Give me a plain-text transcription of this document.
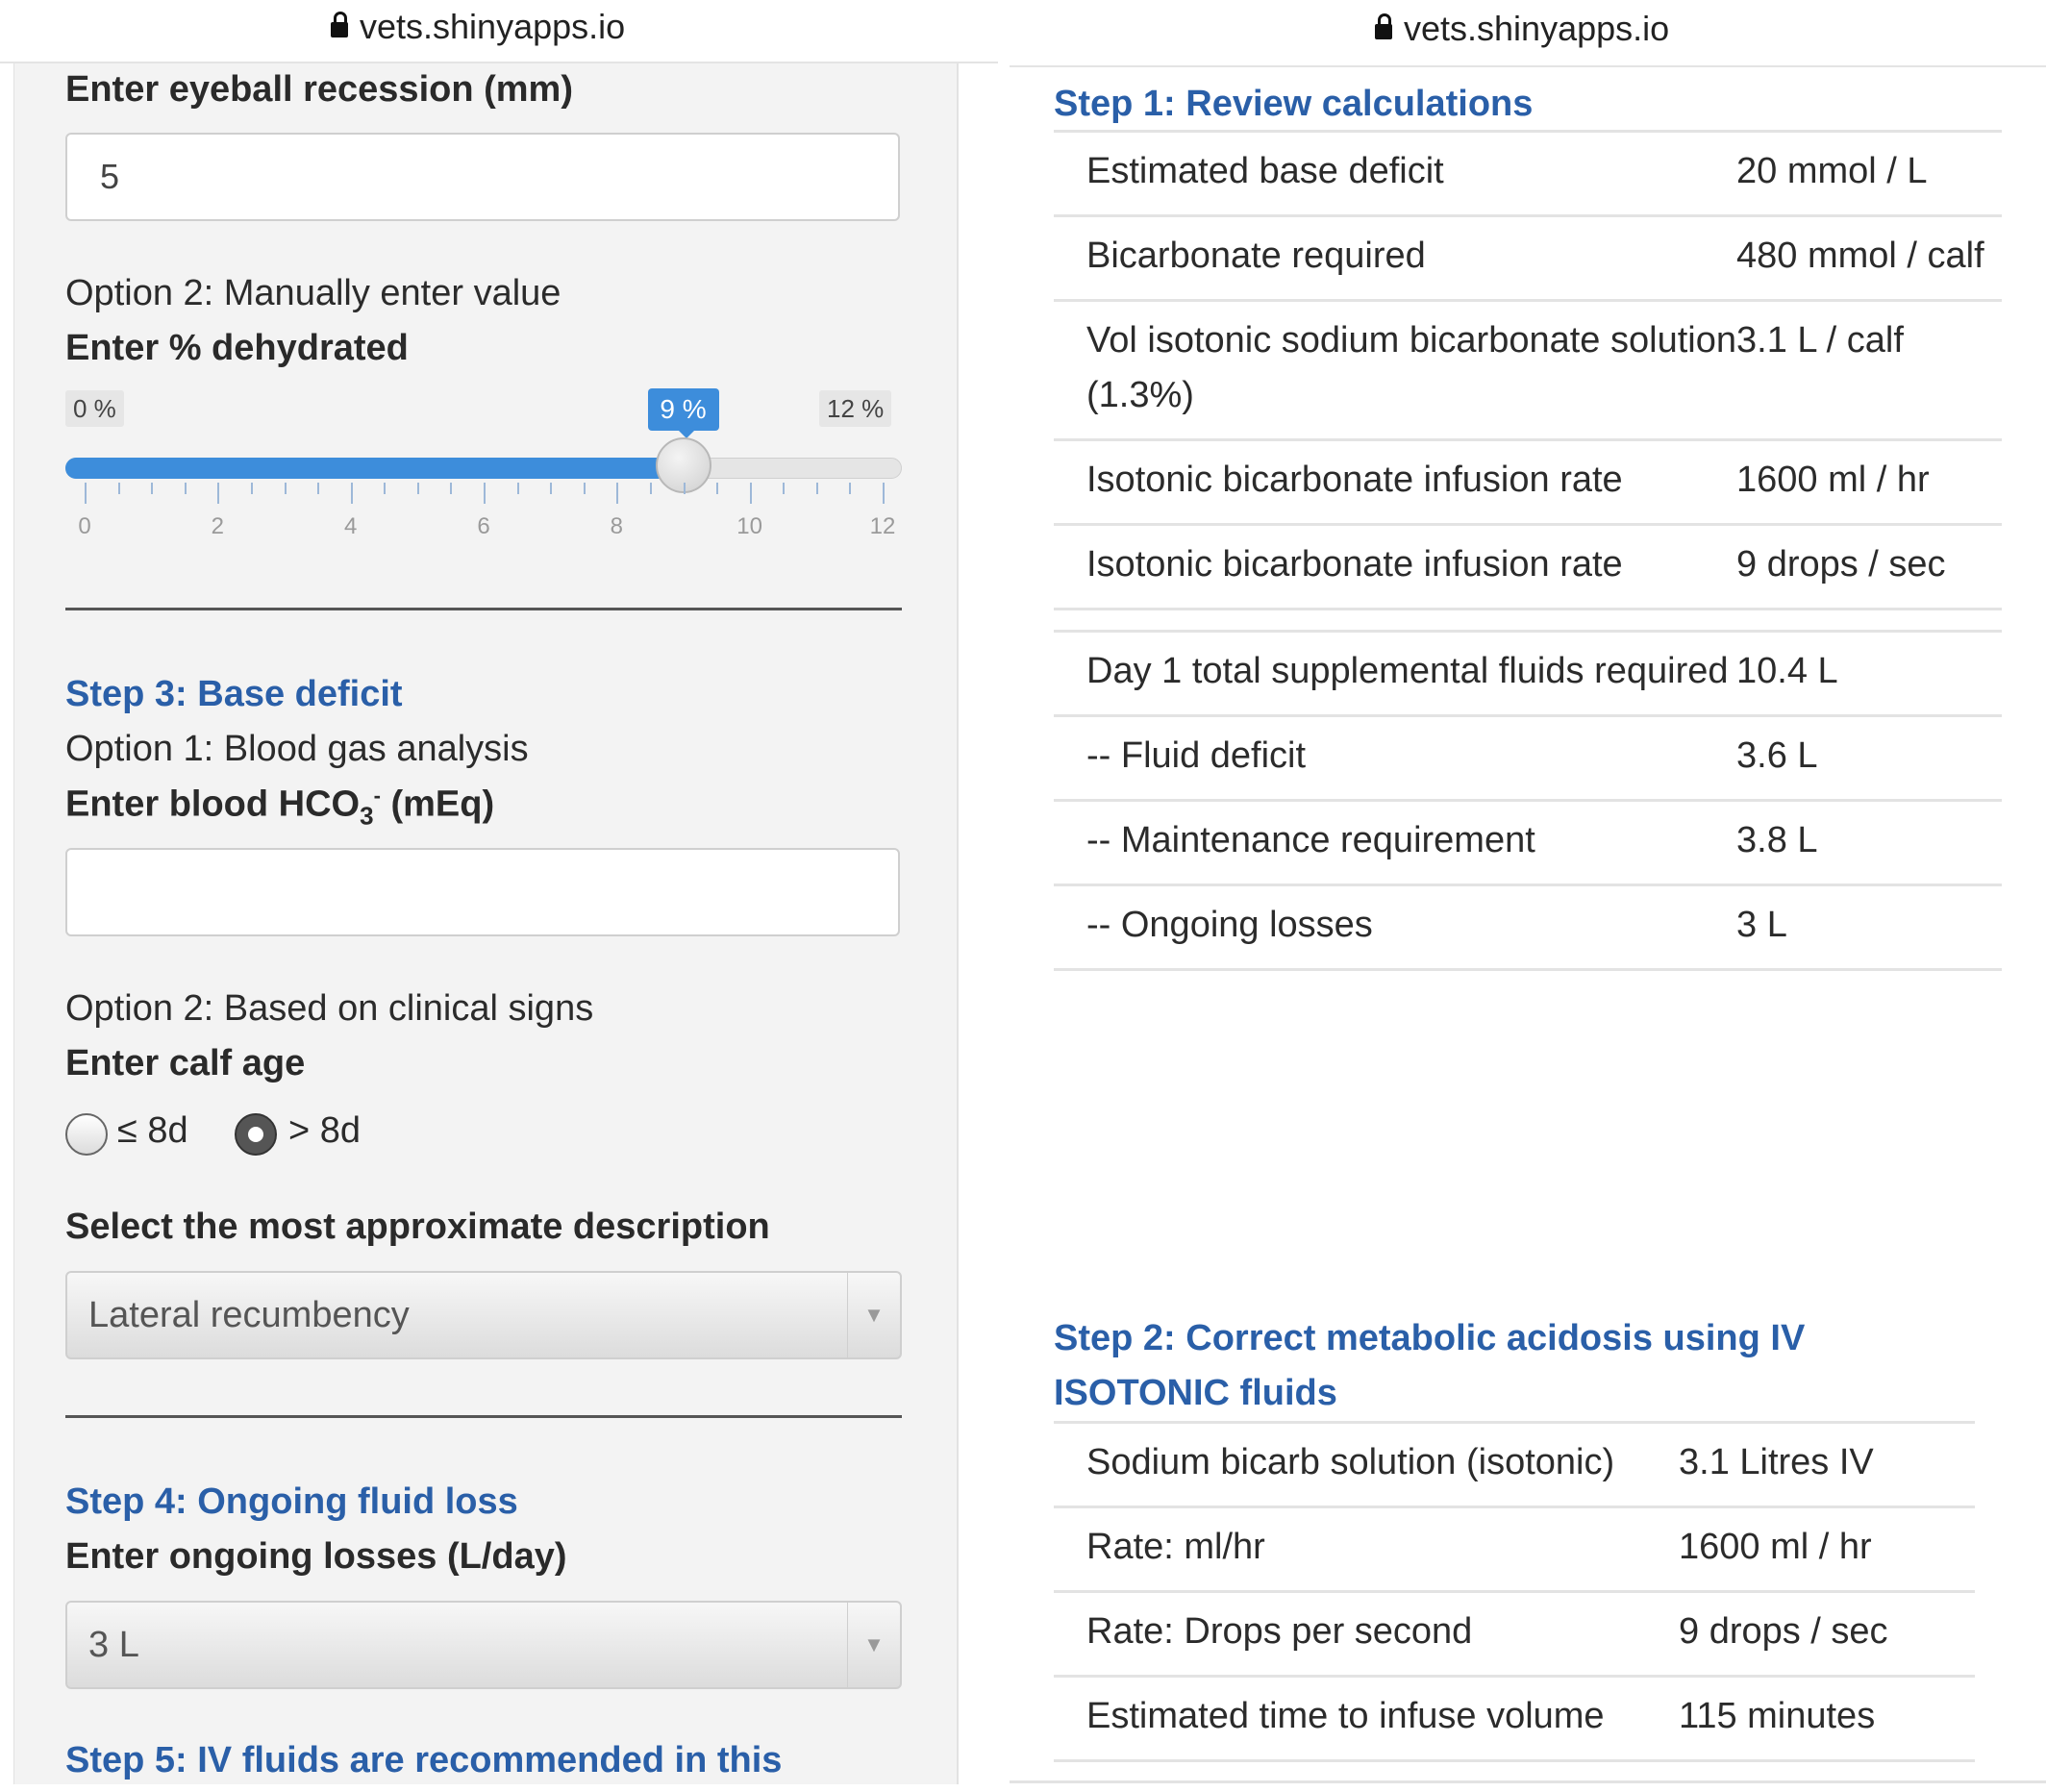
vets.shinyapps.io
Enter eyeball recession (mm)
5
Option 2: Manually enter value
Enter % dehydrated
0 %	12 %
9 %
0	2	4	6	8	10	12
Step 3: Base deficit
Option 1: Blood gas analysis
Enter blood $HCO_3^-$ (mEq)
Option 2: Based on clinical signs
Enter calf age
≤ 8d	> 8d
Select the most approximate description
Lateral recumbency	▼
Step 4: Ongoing fluid loss
Enter ongoing losses (L/day)
3 L	▼
Step 5: IV fluids are recommended in this
vets.shinyapps.io
Step 1: Review calculations
Estimated base deficit	20 mmol / L
Bicarbonate required	480 mmol / calf
Vol isotonic sodium bicarbonate solution (1.3%)	3.1 L / calf
Isotonic bicarbonate infusion rate	1600 ml / hr
Isotonic bicarbonate infusion rate	9 drops / sec

Day 1 total supplemental fluids required	10.4 L
-- Fluid deficit	3.6 L
-- Maintenance requirement	3.8 L
-- Ongoing losses	3 L
Step 2: Correct metabolic acidosis using IV ISOTONIC fluids
Sodium bicarb solution (isotonic)	3.1 Litres IV
Rate: ml/hr	1600 ml / hr
Rate: Drops per second	9 drops / sec
Estimated time to infuse volume	115 minutes
